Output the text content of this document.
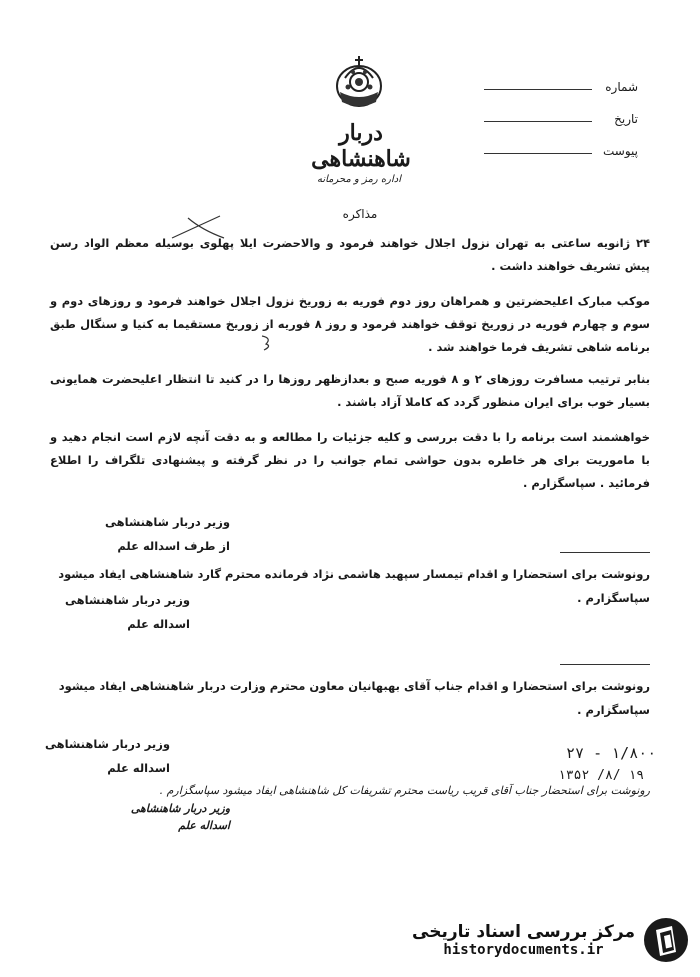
شماره
تاریخ
پیوست
دربار شاهنشاهی
اداره رمز و محرمانه
مذاکره
۲۴ ژانویه ساعتی به تهران نزول اجلال خواهند فرمود و والاحضرت ایلا پهلوی بوسیله معظم الواد رسن پیش تشریف خواهند داشت .
موکب مبارک اعلیحضرتین و همراهان روز دوم فوریه به زوریخ نزول اجلال خواهند فرمود و روزهای دوم و سوم و چهارم فوریه در زوریخ توقف خواهند فرمود و روز ۸ فوریه از زوریخ مستقیما به کنیا و سنگال طبق برنامه شاهی تشریف فرما خواهند شد .
بنابر ترتیب مسافرت روزهای ۲ و ۸ فوریه صبح و بعدازظهر روزها را در کنید تا انتظار اعلیحضرت همایونی بسیار خوب برای ایران منظور گردد که کاملا آزاد باشند .
خواهشمند است برنامه را با دقت بررسی و کلیه جزئیات را مطالعه و به دقت آنچه لازم است انجام دهید و با ماموریت برای هر خاطره بدون حواشی تمام جوانب را در نظر گرفته و پیشنهادی تلگراف را اطلاع فرمائید . سپاسگزارم .
وزیر دربار شاهنشاهی
از طرف اسداله علم
رونوشت برای استحضارا و اقدام تیمسار سپهبد هاشمی نژاد فرمانده محترم گارد شاهنشاهی ایفاد میشود سپاسگزارم .
وزیر دربار شاهنشاهی
اسداله علم
رونوشت برای استحضارا و اقدام جناب آقای بهبهانیان معاون محترم وزارت دربار شاهنشاهی ایفاد میشود سپاسگزارم .
وزیر دربار شاهنشاهی
اسداله علم
۲۷ - ۱/۸۰۰
۱۳۵۲ /۸/ ۱۹
رونوشت برای استحضار جناب آقای قریب ریاست محترم تشریفات کل شاهنشاهی ایفاد میشود سپاسگزارم .
وزیر دربار شاهنشاهی
اسداله علم
مرکز بررسی اسناد تاریخی
historydocuments.ir
